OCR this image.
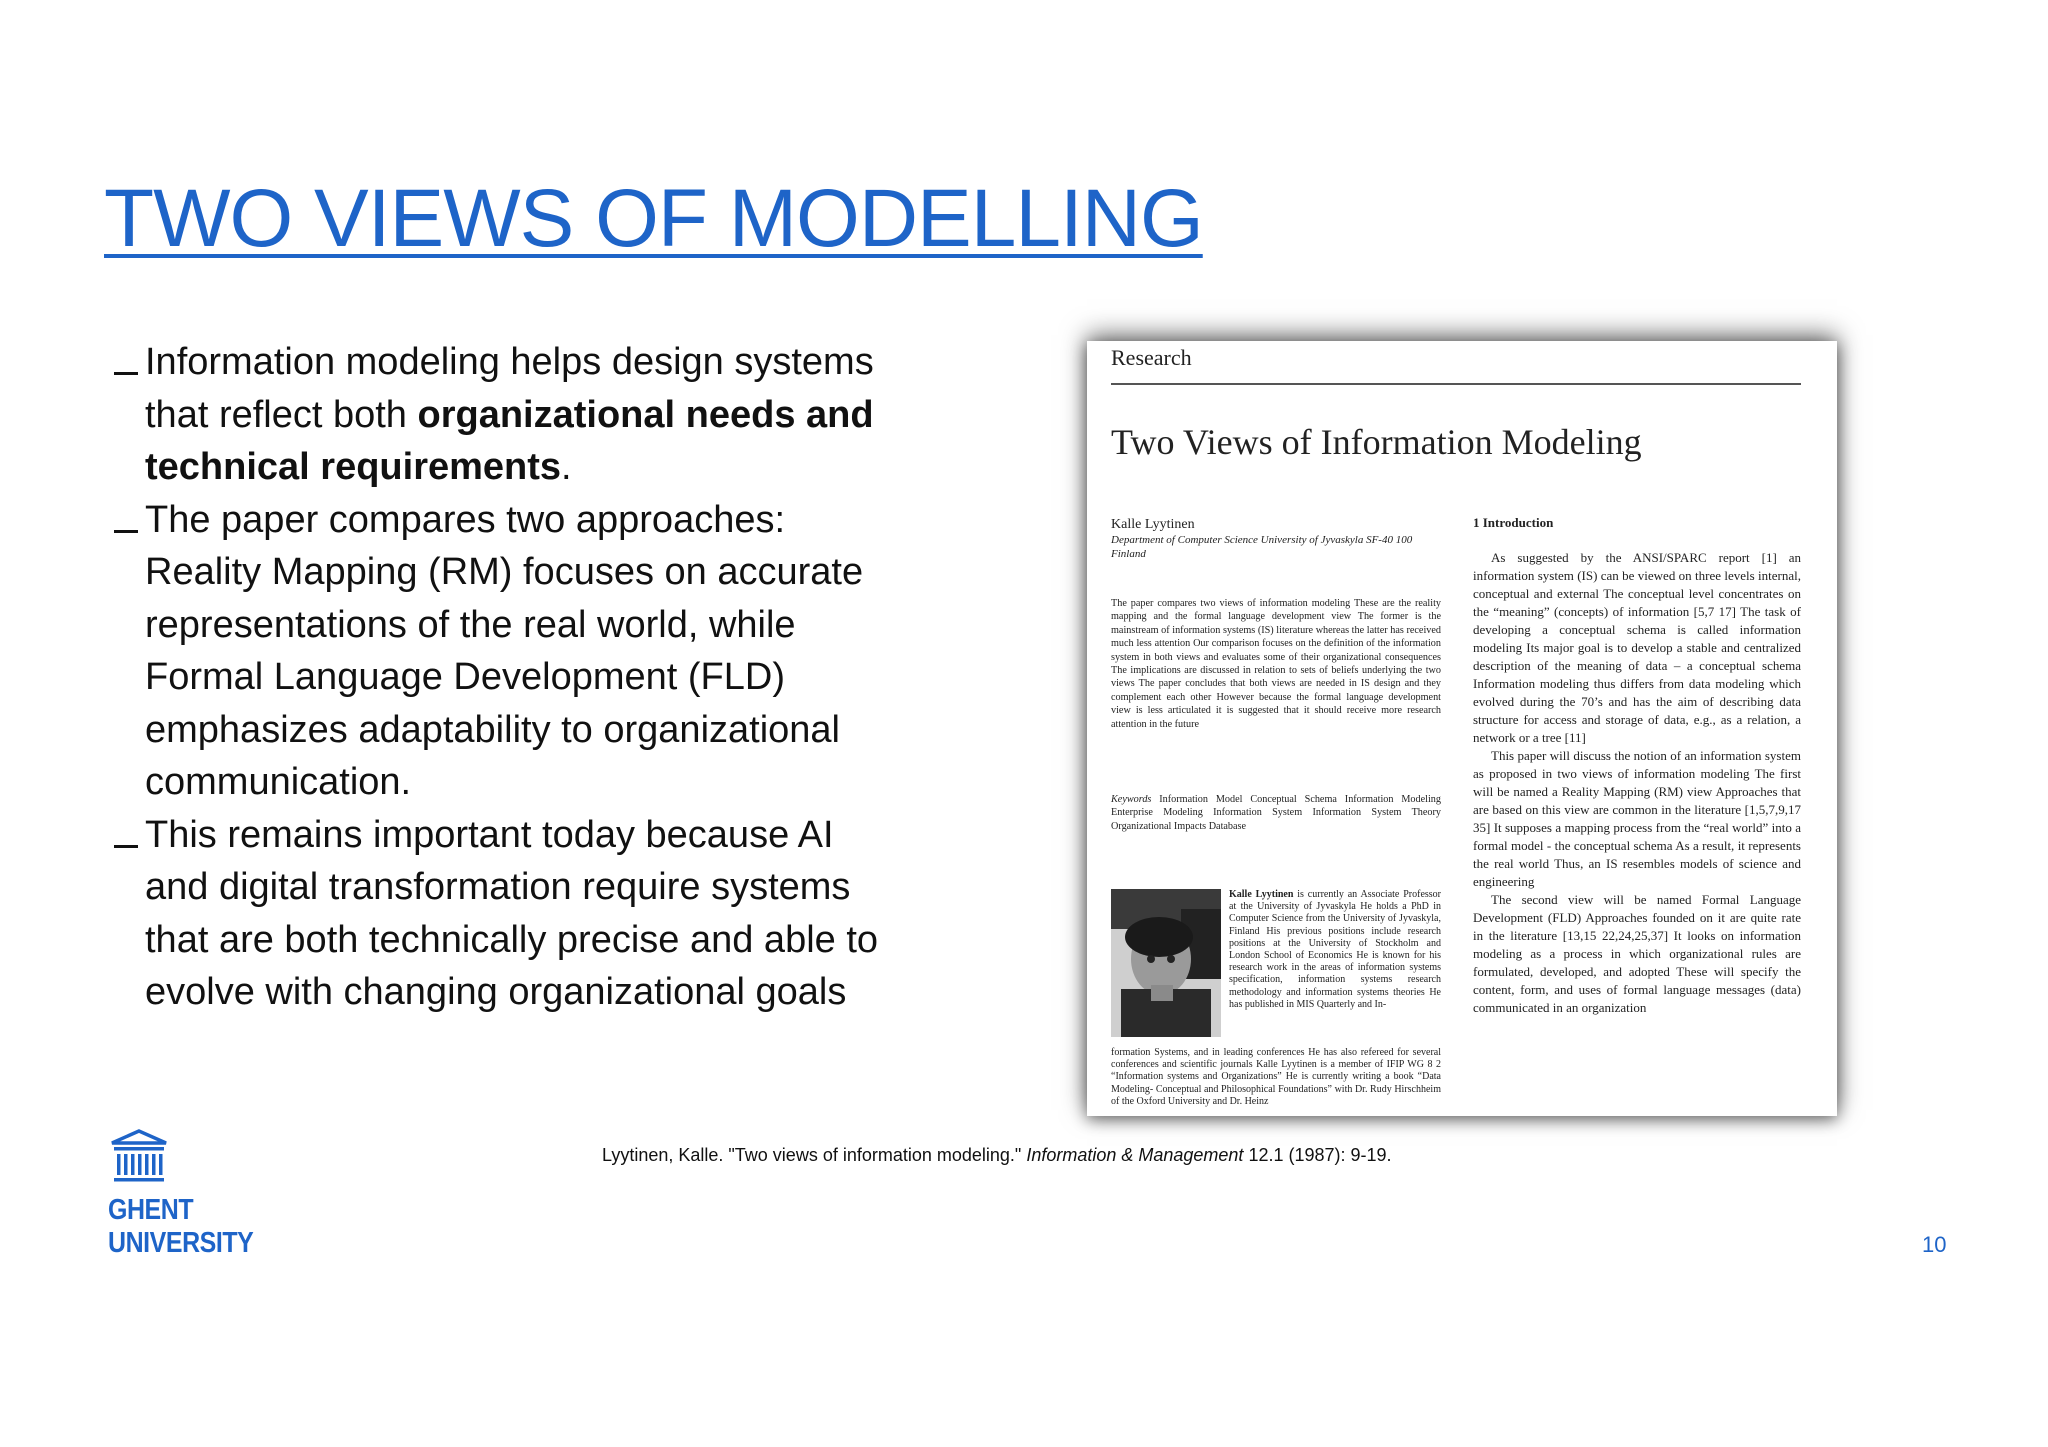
TWO VIEWS OF MODELLING
Information modeling helps design systems that reflect both organizational needs and technical requirements.
The paper compares two approaches: Reality Mapping (RM) focuses on accurate representations of the real world, while Formal Language Development (FLD) emphasizes adaptability to organizational communication.
This remains important today because AI and digital transformation require systems that are both technically precise and able to evolve with changing organizational goals
Research
Two Views of Information Modeling
Kalle Lyytinen
Department of Computer Science University of Jyvaskyla SF-40 100 Finland

The paper compares two views of information modeling These are the reality mapping and the formal language development view The former is the mainstream of information systems (IS) literature whereas the latter has received much less attention Our comparison focuses on the definition of the information system in both views and evaluates some of their organizational consequences The implications are discussed in relation to sets of beliefs underlying the two views The paper concludes that both views are needed in IS design and they complement each other However because the formal language development view is less articulated it is suggested that it should receive more research attention in the future

Keywords Information Model Conceptual Schema Information Modeling Enterprise Modeling Information System Information System Theory Organizational Impacts Database

Kalle Lyytinen is currently an Associate Professor at the University of Jyvaskyla He holds a PhD in Computer Science from the University of Jyvaskyla, Finland His previous positions include research positions at the University of Stockholm and London School of Economics He is known for his research work in the areas of information systems specification, information systems research methodology and information systems theories He has published in MIS Quarterly and In-

formation Systems, and in leading conferences He has also refereed for several conferences and scientific journals Kalle Lyytinen is a member of IFIP WG 8 2 “Information systems and Organizations” He is currently writing a book “Data Modeling- Conceptual and Philosophical Foundations” with Dr. Rudy Hirschheim of the Oxford University and Dr. Heinz

1 Introduction
As suggested by the ANSI/SPARC report [1] an information system (IS) can be viewed on three levels internal, conceptual and external The conceptual level concentrates on the “meaning” (concepts) of information [5,7 17] The task of developing a conceptual schema is called information modeling Its major goal is to develop a stable and centralized description of the meaning of data – a conceptual schema Information modeling thus differs from data modeling which evolved during the 70’s and has the aim of describing data structure for access and storage of data, e.g., as a relation, a network or a tree [11]
This paper will discuss the notion of an information system as proposed in two views of information modeling The first will be named a Reality Mapping (RM) view Approaches that are based on this view are common in the literature [1,5,7,9,17 35] It supposes a mapping process from the “real world” into a formal model - the conceptual schema As a result, it represents the real world Thus, an IS resembles models of science and engineering
The second view will be named Formal Language Development (FLD) Approaches founded on it are quite rate in the literature [13,15 22,24,25,37] It looks on information modeling as a process in which organizational rules are formulated, developed, and adopted These will specify the content, form, and uses of formal language messages (data) communicated in an organization
Lyytinen, Kalle. "Two views of information modeling." Information & Management 12.1 (1987): 9-19.
GHENT
UNIVERSITY	10
